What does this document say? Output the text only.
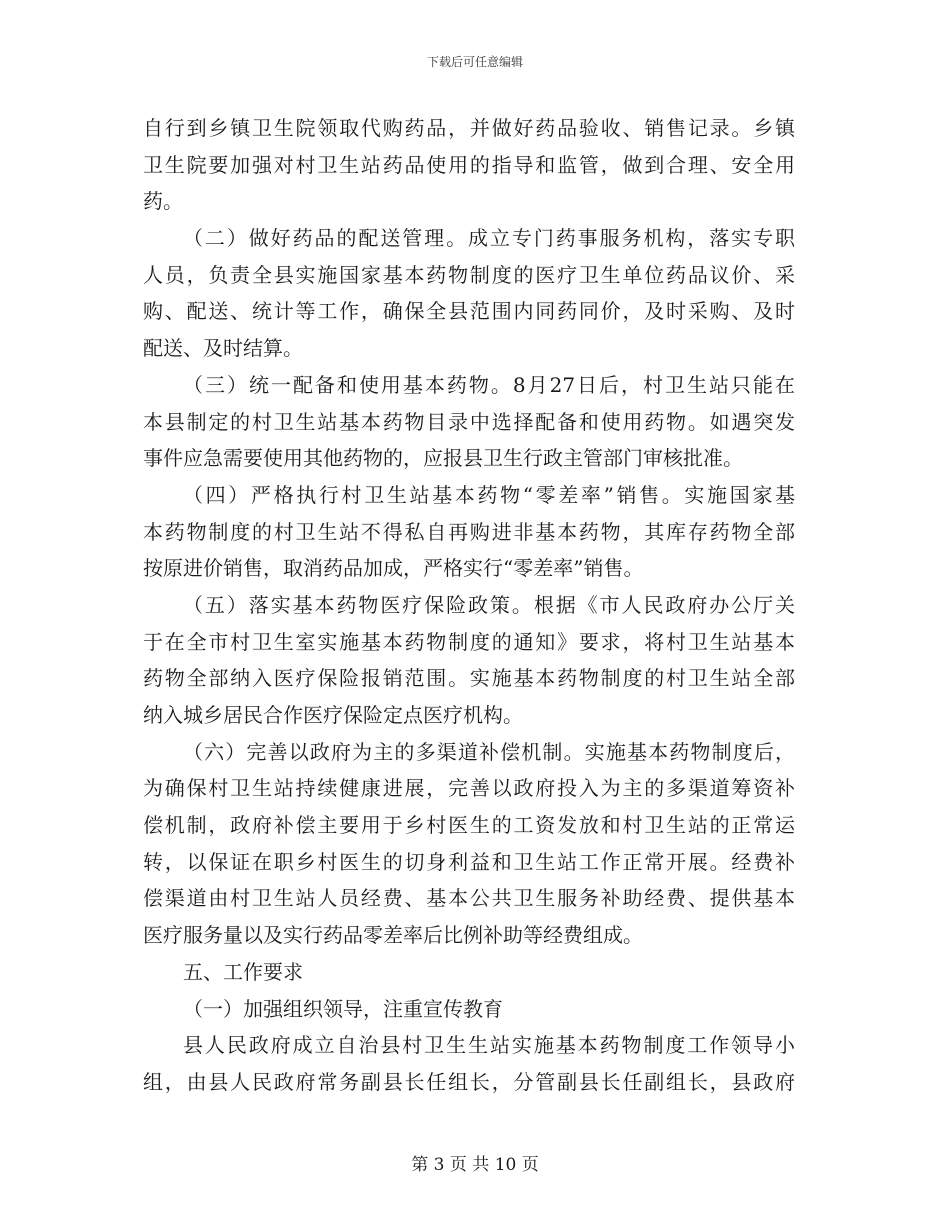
下载后可任意编辑
自行到乡镇卫生院领取代购药品，并做好药品验收、销售记录。乡镇
卫生院要加强对村卫生站药品使用的指导和监管，做到合理、安全用
药。
（二）做好药品的配送管理。成立专门药事服务机构，落实专职
人员，负责全县实施国家基本药物制度的医疗卫生单位药品议价、采
购、配送、统计等工作，确保全县范围内同药同价，及时采购、及时
配送、及时结算。
（三）统一配备和使用基本药物。8月27日后，村卫生站只能在
本县制定的村卫生站基本药物目录中选择配备和使用药物。如遇突发
事件应急需要使用其他药物的，应报县卫生行政主管部门审核批准。
（四）严格执行村卫生站基本药物“零差率”销售。实施国家基
本药物制度的村卫生站不得私自再购进非基本药物，其库存药物全部
按原进价销售，取消药品加成，严格实行“零差率”销售。
（五）落实基本药物医疗保险政策。根据《市人民政府办公厅关
于在全市村卫生室实施基本药物制度的通知》要求，将村卫生站基本
药物全部纳入医疗保险报销范围。实施基本药物制度的村卫生站全部
纳入城乡居民合作医疗保险定点医疗机构。
（六）完善以政府为主的多渠道补偿机制。实施基本药物制度后，
为确保村卫生站持续健康进展，完善以政府投入为主的多渠道筹资补
偿机制，政府补偿主要用于乡村医生的工资发放和村卫生站的正常运
转，以保证在职乡村医生的切身利益和卫生站工作正常开展。经费补
偿渠道由村卫生站人员经费、基本公共卫生服务补助经费、提供基本
医疗服务量以及实行药品零差率后比例补助等经费组成。
五、工作要求
（一）加强组织领导，注重宣传教育
县人民政府成立自治县村卫生生站实施基本药物制度工作领导小
组，由县人民政府常务副县长任组长，分管副县长任副组长，县政府
第 3 页 共 10 页
